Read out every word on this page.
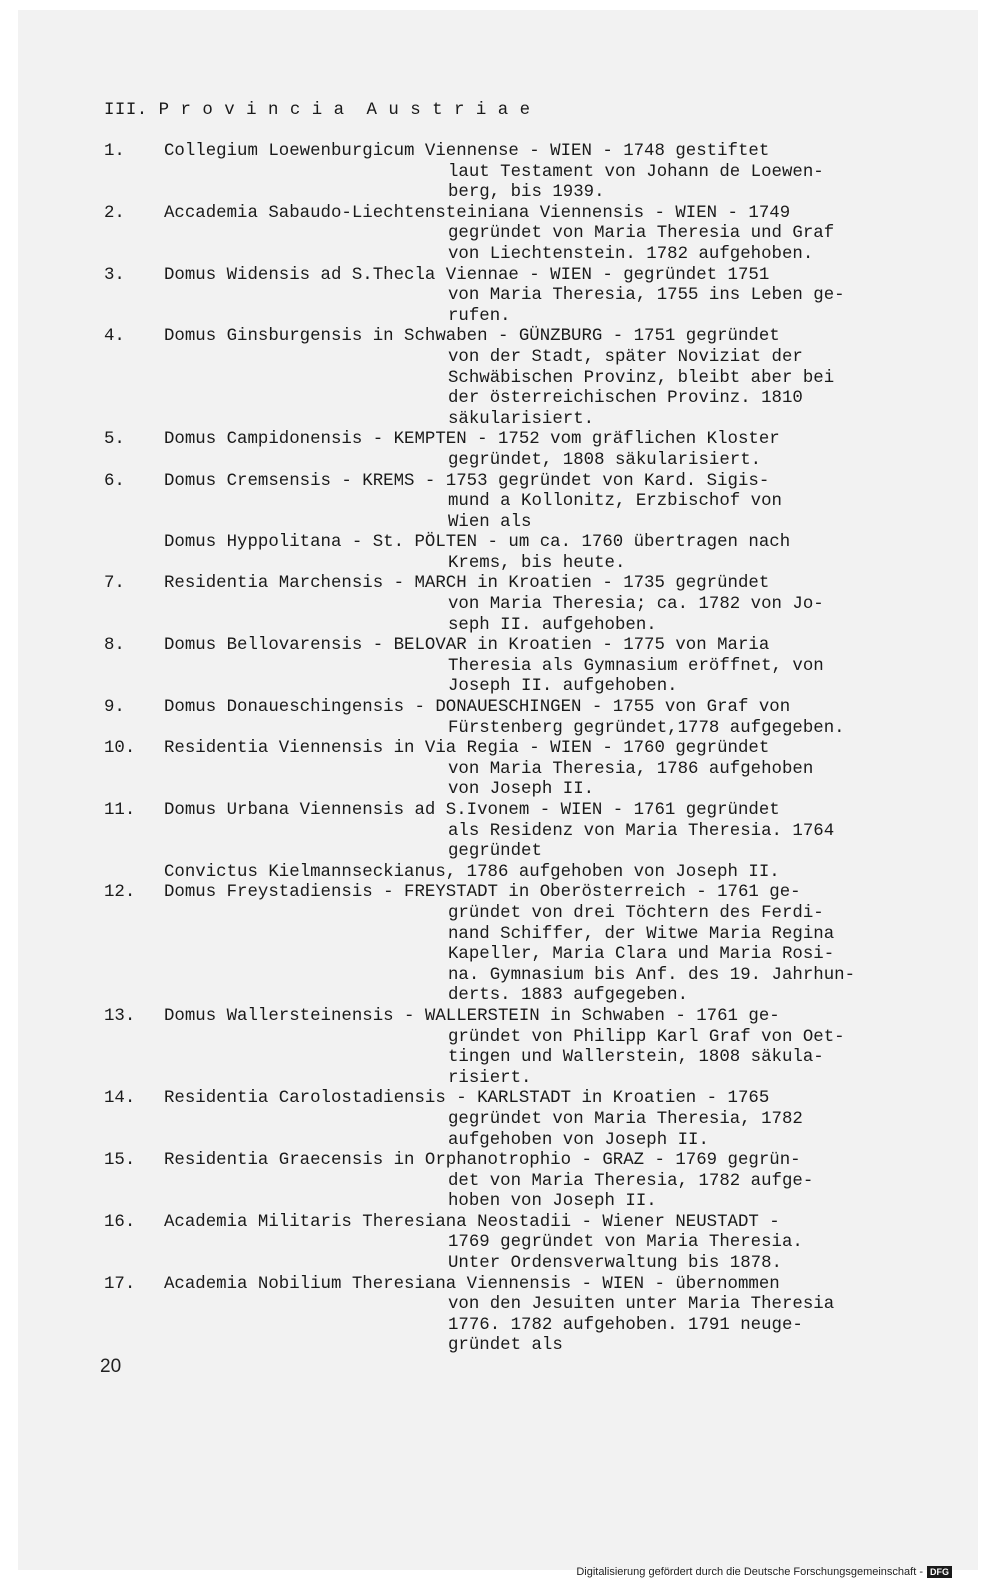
III. P r o v i n c i a  A u s t r i a e
1.	Collegium Loewenburgicum Viennense - WIEN - 1748 gestiftet
laut Testament von Johann de Loewen-
berg, bis 1939.
2.	Accademia Sabaudo-Liechtensteiniana Viennensis - WIEN - 1749
gegründet von Maria Theresia und Graf
von Liechtenstein. 1782 aufgehoben.
3.	Domus Widensis ad S.Thecla Viennae - WIEN - gegründet 1751
von Maria Theresia, 1755 ins Leben ge-
rufen.
4.	Domus Ginsburgensis in Schwaben - GÜNZBURG - 1751 gegründet
von der Stadt, später Noviziat der
Schwäbischen Provinz, bleibt aber bei
der österreichischen Provinz. 1810
säkularisiert.
5.	Domus Campidonensis - KEMPTEN - 1752 vom gräflichen Kloster
gegründet, 1808 säkularisiert.
6.	Domus Cremsensis - KREMS - 1753 gegründet von Kard. Sigis-
mund a Kollonitz, Erzbischof von
Wien als
Domus Hyppolitana - St. PÖLTEN - um ca. 1760 übertragen nach
Krems, bis heute.
7.	Residentia Marchensis - MARCH in Kroatien - 1735 gegründet
von Maria Theresia; ca. 1782 von Jo-
seph II. aufgehoben.
8.	Domus Bellovarensis - BELOVAR in Kroatien - 1775 von Maria
Theresia als Gymnasium eröffnet, von
Joseph II. aufgehoben.
9.	Domus Donaueschingensis - DONAUESCHINGEN - 1755 von Graf von
Fürstenberg gegründet,1778 aufgegeben.
10.	Residentia Viennensis in Via Regia - WIEN - 1760 gegründet
von Maria Theresia, 1786 aufgehoben
von Joseph II.
11.	Domus Urbana Viennensis ad S.Ivonem - WIEN - 1761 gegründet
als Residenz von Maria Theresia. 1764
gegründet
Convictus Kielmannseckianus, 1786 aufgehoben von Joseph II.
12.	Domus Freystadiensis - FREYSTADT in Oberösterreich - 1761 ge-
gründet von drei Töchtern des Ferdi-
nand Schiffer, der Witwe Maria Regina
Kapeller, Maria Clara und Maria Rosi-
na. Gymnasium bis Anf. des 19. Jahrhun-
derts. 1883 aufgegeben.
13.	Domus Wallersteinensis - WALLERSTEIN in Schwaben - 1761 ge-
gründet von Philipp Karl Graf von Oet-
tingen und Wallerstein, 1808 säkula-
risiert.
14.	Residentia Carolostadiensis - KARLSTADT in Kroatien - 1765
gegründet von Maria Theresia, 1782
aufgehoben von Joseph II.
15.	Residentia Graecensis in Orphanotrophio - GRAZ - 1769 gegrün-
det von Maria Theresia, 1782 aufge-
hoben von Joseph II.
16.	Academia Militaris Theresiana Neostadii - Wiener NEUSTADT -
1769 gegründet von Maria Theresia.
Unter Ordensverwaltung bis 1878.
17.	Academia Nobilium Theresiana Viennensis - WIEN - übernommen
von den Jesuiten unter Maria Theresia
1776. 1782 aufgehoben. 1791 neuge-
gründet als
20
Digitalisierung gefördert durch die Deutsche Forschungsgemeinschaft - DFG
